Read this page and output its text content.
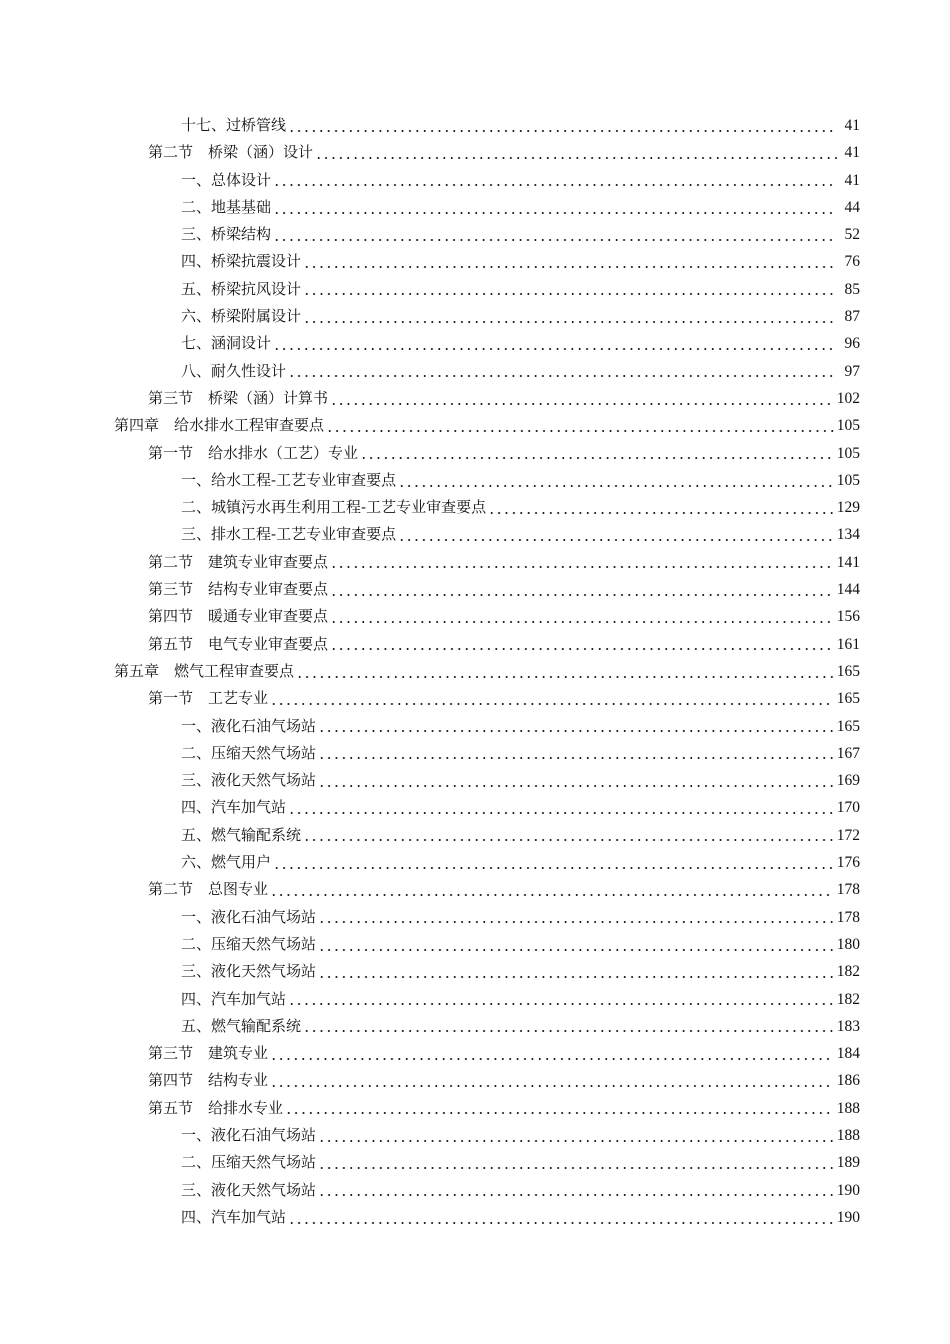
十七、过桥管线	41
第二节　桥梁（涵）设计	41
一、总体设计	41
二、地基基础	44
三、桥梁结构	52
四、桥梁抗震设计	76
五、桥梁抗风设计	85
六、桥梁附属设计	87
七、涵洞设计	96
八、耐久性设计	97
第三节　桥梁（涵）计算书	102
第四章　给水排水工程审查要点	105
第一节　给水排水（工艺）专业	105
一、给水工程-工艺专业审查要点	105
二、城镇污水再生利用工程-工艺专业审查要点	129
三、排水工程-工艺专业审查要点	134
第二节　建筑专业审查要点	141
第三节　结构专业审查要点	144
第四节　暖通专业审查要点	156
第五节　电气专业审查要点	161
第五章　燃气工程审查要点	165
第一节　工艺专业	165
一、液化石油气场站	165
二、压缩天然气场站	167
三、液化天然气场站	169
四、汽车加气站	170
五、燃气输配系统	172
六、燃气用户	176
第二节　总图专业	178
一、液化石油气场站	178
二、压缩天然气场站	180
三、液化天然气场站	182
四、汽车加气站	182
五、燃气输配系统	183
第三节　建筑专业	184
第四节　结构专业	186
第五节　给排水专业	188
一、液化石油气场站	188
二、压缩天然气场站	189
三、液化天然气场站	190
四、汽车加气站	190
